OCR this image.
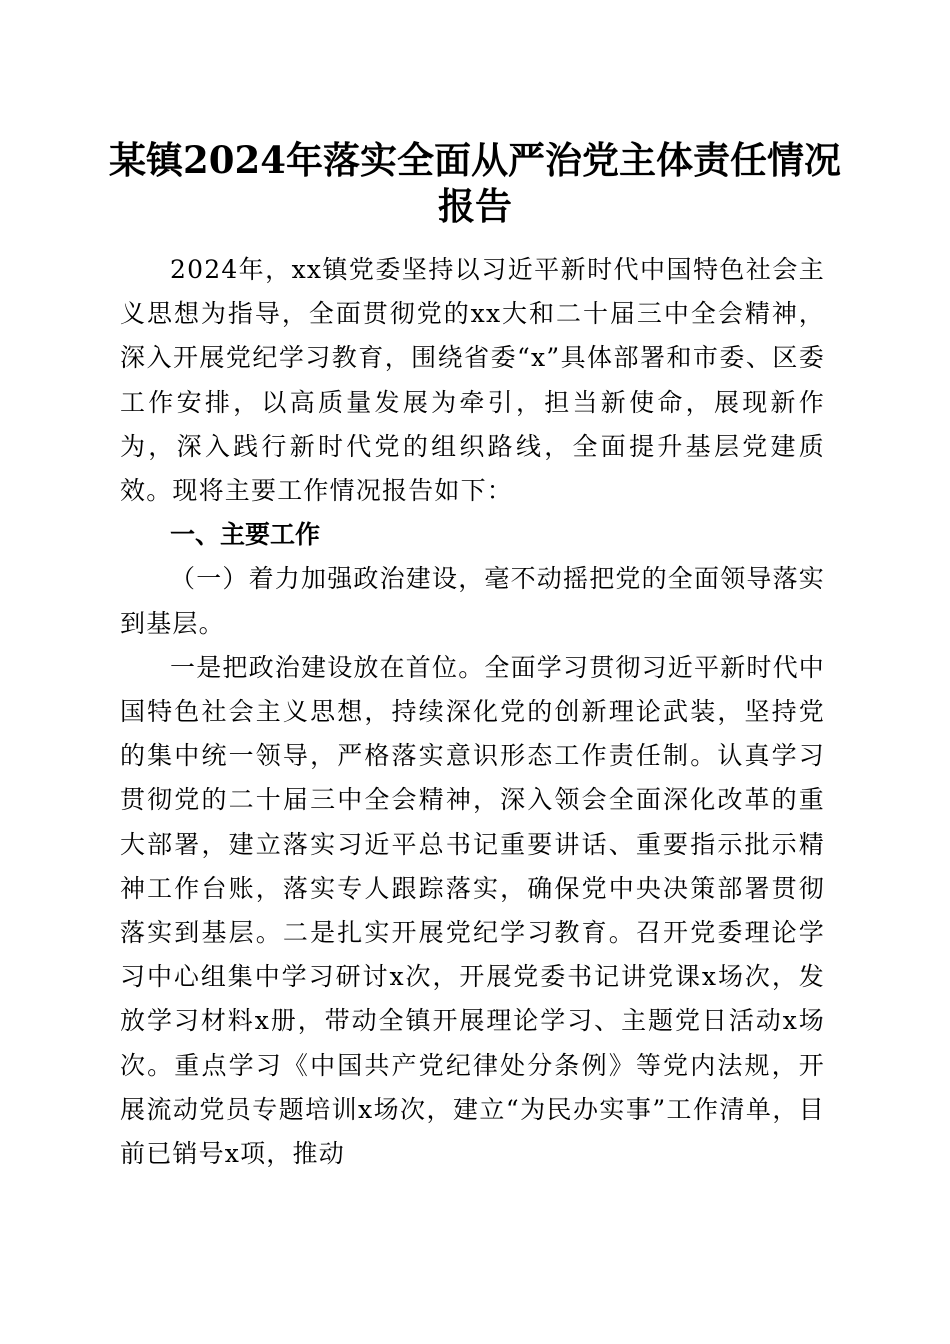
某镇2024年落实全面从严治党主体责任情况
报告

2024年，xx镇党委坚持以习近平新时代中国特色社会主义思想为指导，全面贯彻党的xx大和二十届三中全会精神，深入开展党纪学习教育，围绕省委“x”具体部署和市委、区委工作安排，以高质量发展为牵引，担当新使命，展现新作为，深入践行新时代党的组织路线，全面提升基层党建质效。现将主要工作情况报告如下：

一、主要工作

（一）着力加强政治建设，毫不动摇把党的全面领导落实到基层。

一是把政治建设放在首位。全面学习贯彻习近平新时代中国特色社会主义思想，持续深化党的创新理论武装，坚持党的集中统一领导，严格落实意识形态工作责任制。认真学习贯彻党的二十届三中全会精神，深入领会全面深化改革的重大部署，建立落实习近平总书记重要讲话、重要指示批示精神工作台账，落实专人跟踪落实，确保党中央决策部署贯彻落实到基层。二是扎实开展党纪学习教育。召开党委理论学习中心组集中学习研讨x次，开展党委书记讲党课x场次，发放学习材料x册，带动全镇开展理论学习、主题党日活动x场次。重点学习《中国共产党纪律处分条例》等党内法规，开展流动党员专题培训x场次，建立“为民办实事”工作清单，目前已销号x项，推动
